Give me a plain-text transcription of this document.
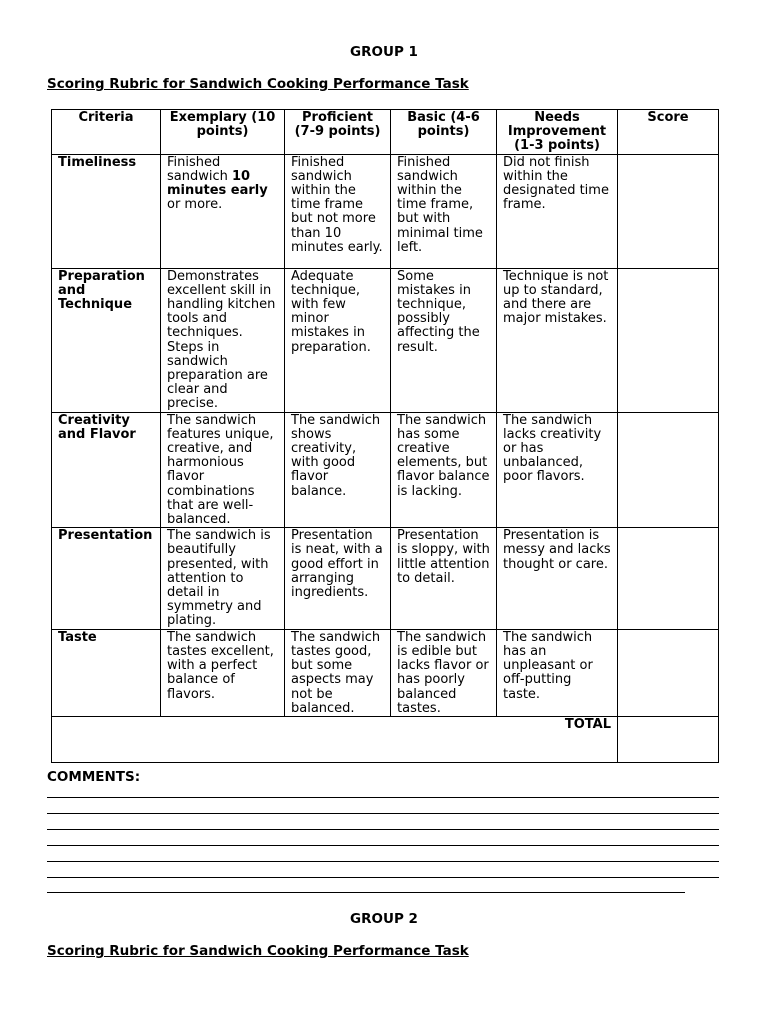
GROUP 1
Scoring Rubric for Sandwich Cooking Performance Task
Criteria	Exemplary (10 points)	Proficient (7-9 points)	Basic (4-6 points)	Needs Improvement (1-3 points)	Score
Timeliness	Finished sandwich 10 minutes early or more.	Finished sandwich within the time frame but not more than 10 minutes early.	Finished sandwich within the time frame, but with minimal time left.	Did not finish within the designated time frame.	
Preparation and Technique	Demonstrates excellent skill in handling kitchen tools and techniques. Steps in sandwich preparation are clear and precise.	Adequate technique, with few minor mistakes in preparation.	Some mistakes in technique, possibly affecting the result.	Technique is not up to standard, and there are major mistakes.	
Creativity and Flavor	The sandwich features unique, creative, and harmonious flavor combinations that are well-balanced.	The sandwich shows creativity, with good flavor balance.	The sandwich has some creative elements, but flavor balance is lacking.	The sandwich lacks creativity or has unbalanced, poor flavors.	
Presentation	The sandwich is beautifully presented, with attention to detail in symmetry and plating.	Presentation is neat, with a good effort in arranging ingredients.	Presentation is sloppy, with little attention to detail.	Presentation is messy and lacks thought or care.	
Taste	The sandwich tastes excellent, with a perfect balance of flavors.	The sandwich tastes good, but some aspects may not be balanced.	The sandwich is edible but lacks flavor or has poorly balanced tastes.	The sandwich has an unpleasant or off-putting taste.	
TOTAL					
COMMENTS:
GROUP 2
Scoring Rubric for Sandwich Cooking Performance Task
